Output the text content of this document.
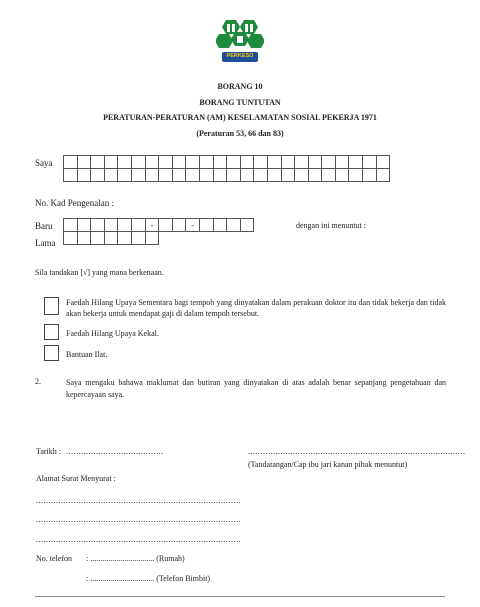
PERKESO
BORANG 10
BORANG TUNTUTAN
PERATURAN-PERATURAN (AM) KESELAMATAN SOSIAL PEKERJA 1971
(Peraturan 53, 66 dan 83)
Saya
No. Kad Pengenalan :
Baru
Lama
-	-	dengan ini menuntut :
Sila tandakan [√] yang mana berkenaan.
Faedah Hilang Upaya Sementara bagi tempoh yang dinyatakan dalam perakuan doktor itu dan tidak bekerja dan tidak akan bekerja untuk mendapat gaji di dalam tempoh tersebut.
Faedah Hilang Upaya Kekal.
Bantuan Ilat.
2.	Saya mengaku bahawa maklumat dan butiran yang dinyatakan di atas adalah benar sepanjang pengetahuan dan kepercayaan saya.
Tarikh : .......................................	.......................................................................................
(Tandatangan/Cap ibu jari kanan pihak menuntut)
Alamat Surat Menyurat :
..................................................................................
..................................................................................
..................................................................................
No. telefon : ................................ (Rumah)
: ................................ (Telefon Bimbit)
